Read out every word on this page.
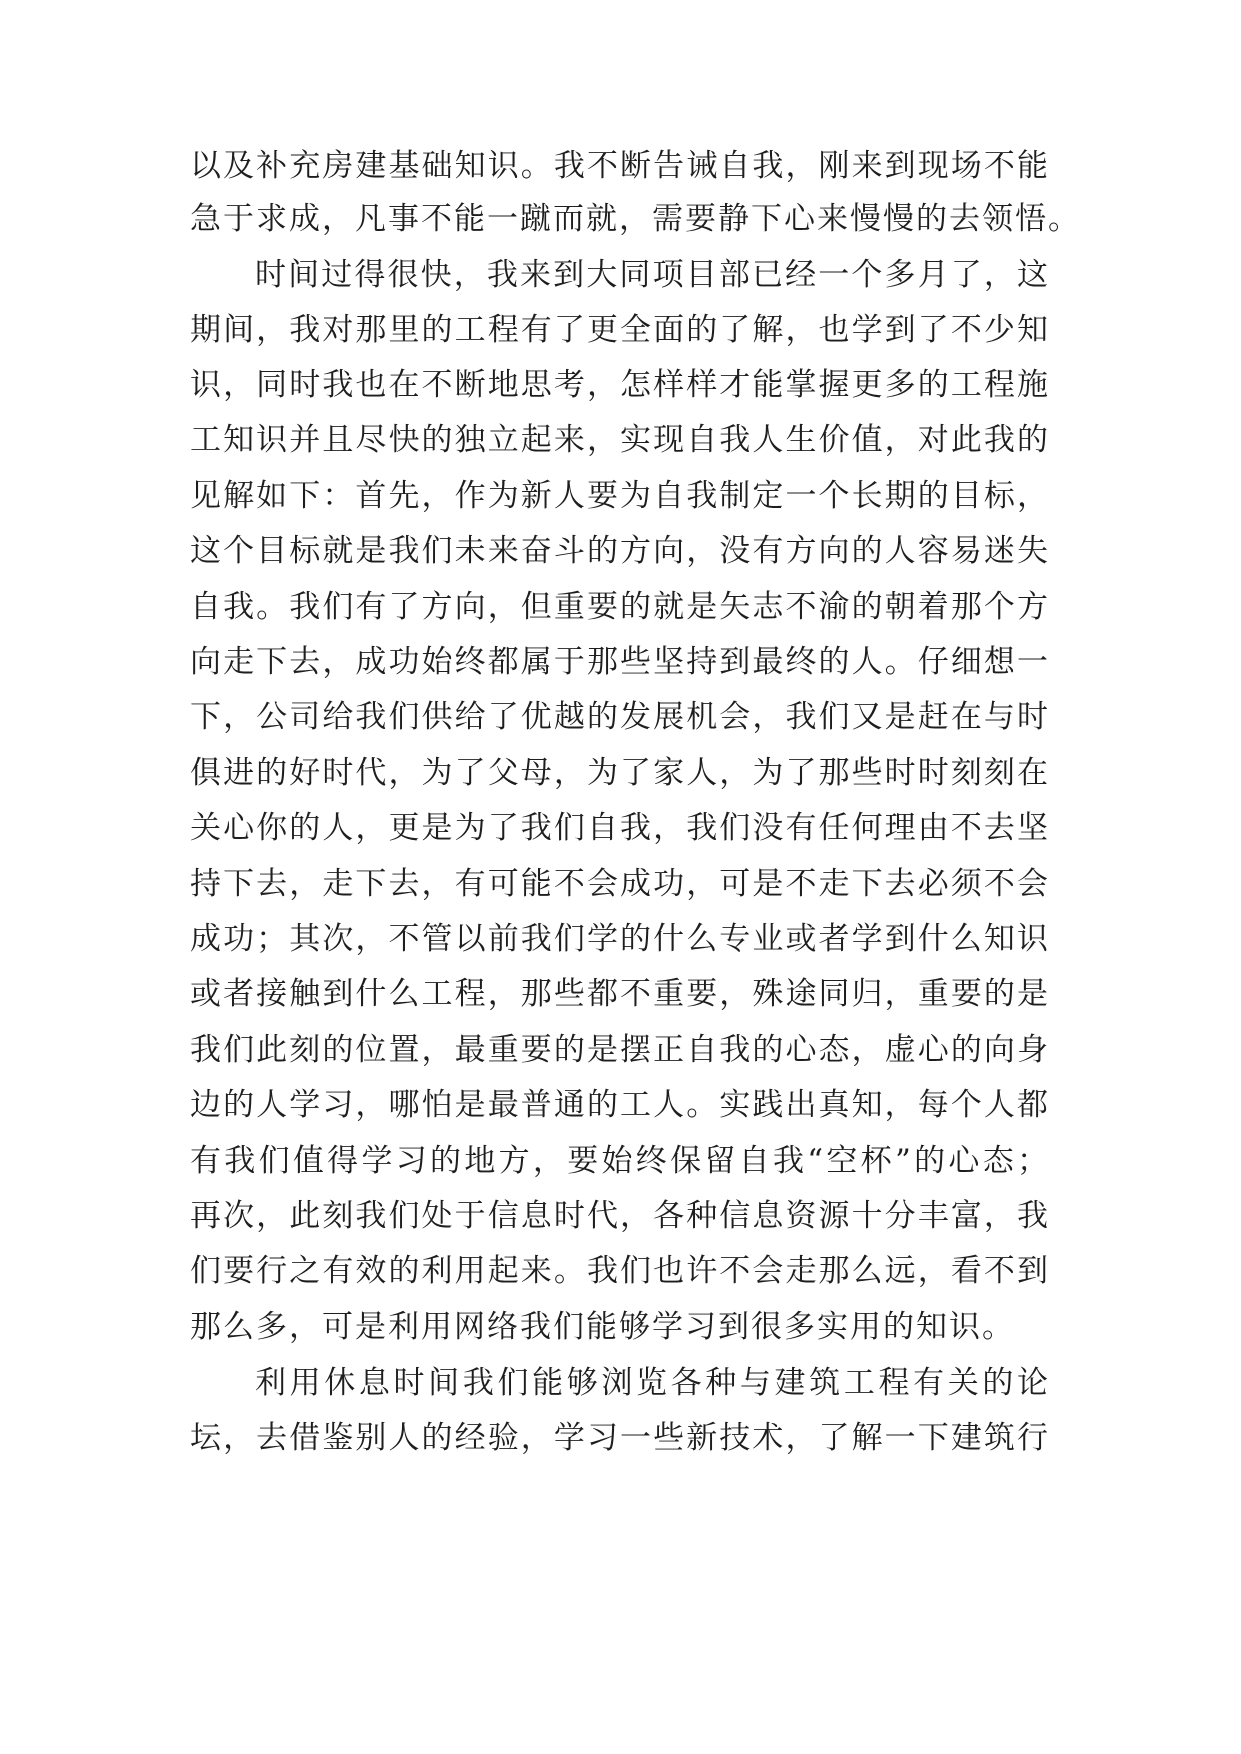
以及补充房建基础知识。我不断告诫自我，刚来到现场不能
急于求成，凡事不能一蹴而就，需要静下心来慢慢的去领悟。
时间过得很快，我来到大同项目部已经一个多月了，这
期间，我对那里的工程有了更全面的了解，也学到了不少知
识，同时我也在不断地思考，怎样样才能掌握更多的工程施
工知识并且尽快的独立起来，实现自我人生价值，对此我的
见解如下：首先，作为新人要为自我制定一个长期的目标，
这个目标就是我们未来奋斗的方向，没有方向的人容易迷失
自我。我们有了方向，但重要的就是矢志不渝的朝着那个方
向走下去，成功始终都属于那些坚持到最终的人。仔细想一
下，公司给我们供给了优越的发展机会，我们又是赶在与时
俱进的好时代，为了父母，为了家人，为了那些时时刻刻在
关心你的人，更是为了我们自我，我们没有任何理由不去坚
持下去，走下去，有可能不会成功，可是不走下去必须不会
成功；其次，不管以前我们学的什么专业或者学到什么知识
或者接触到什么工程，那些都不重要，殊途同归，重要的是
我们此刻的位置，最重要的是摆正自我的心态，虚心的向身
边的人学习，哪怕是最普通的工人。实践出真知，每个人都
有我们值得学习的地方，要始终保留自我“空杯”的心态；
再次，此刻我们处于信息时代，各种信息资源十分丰富，我
们要行之有效的利用起来。我们也许不会走那么远，看不到
那么多，可是利用网络我们能够学习到很多实用的知识。
利用休息时间我们能够浏览各种与建筑工程有关的论
坛，去借鉴别人的经验，学习一些新技术，了解一下建筑行
